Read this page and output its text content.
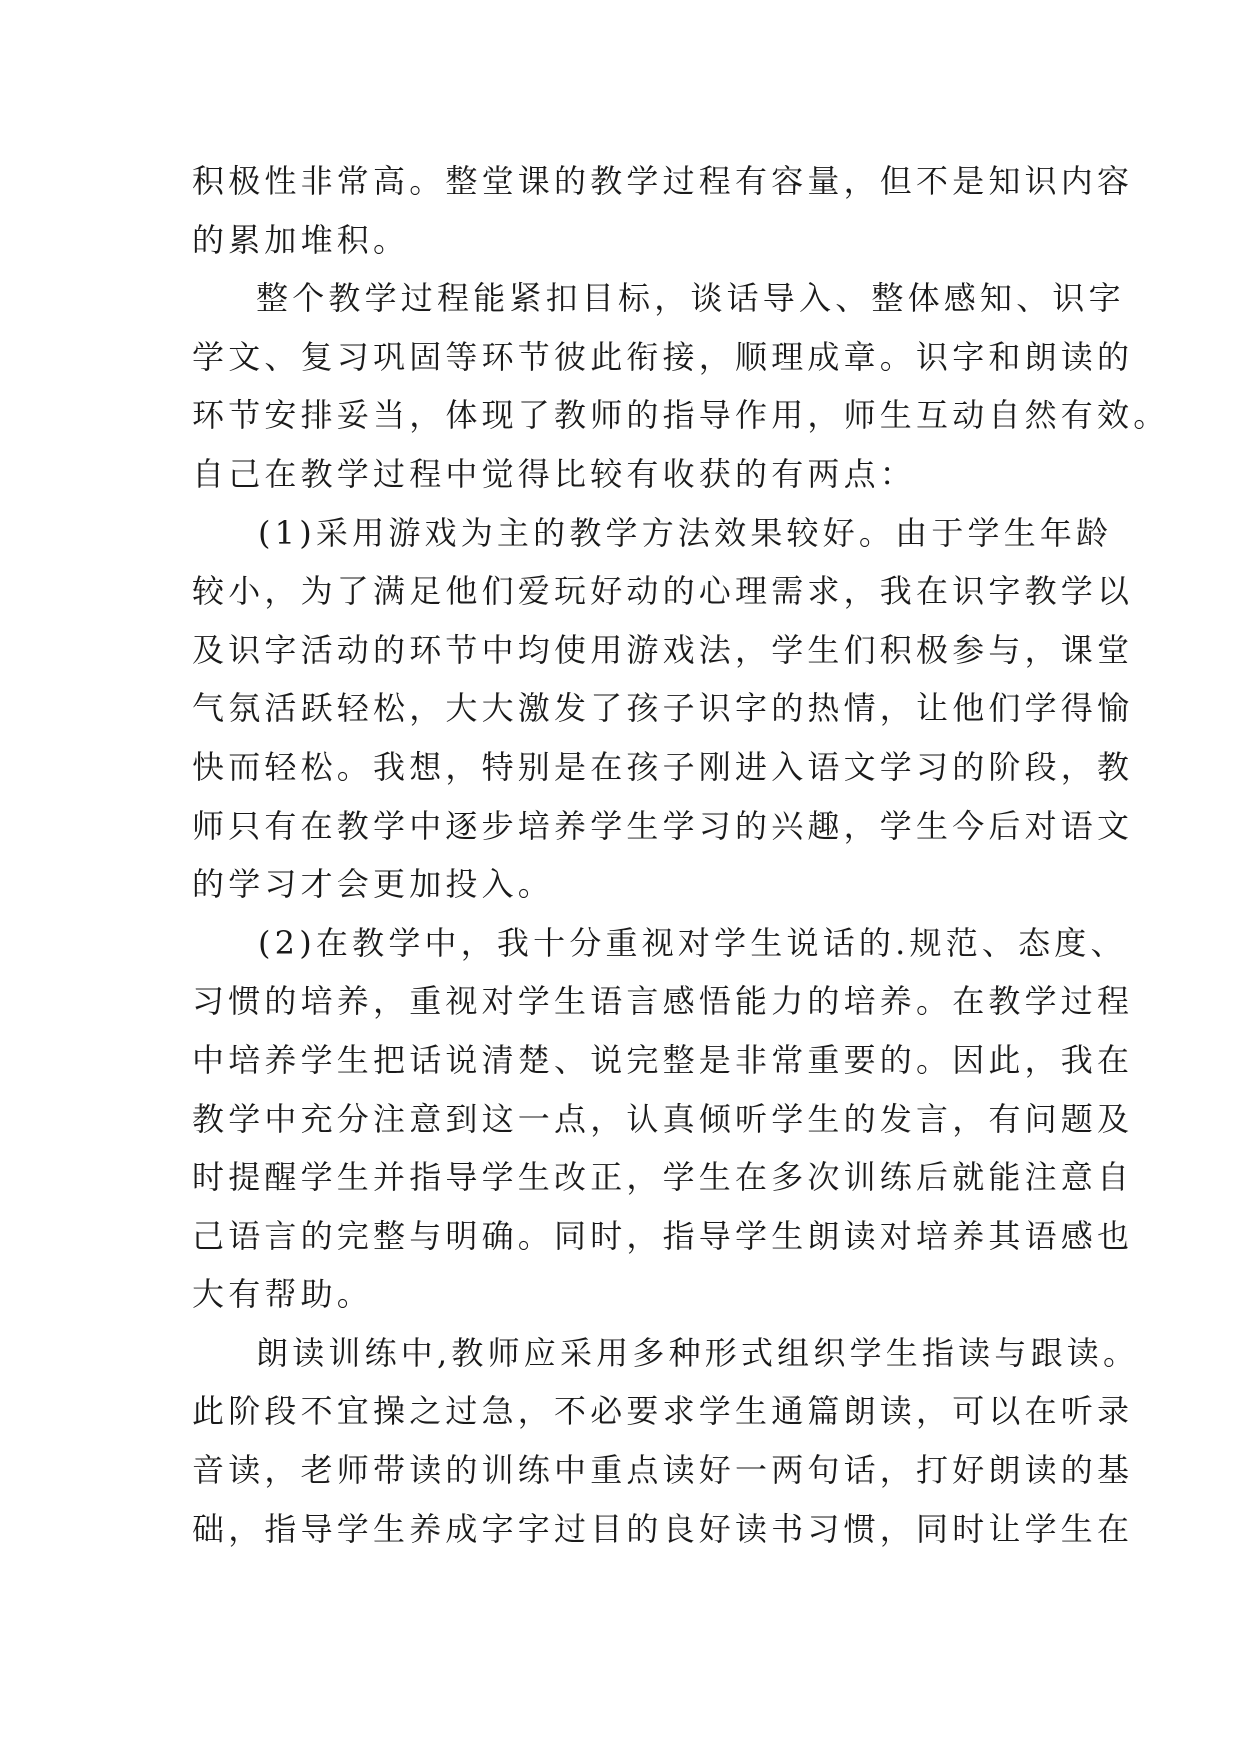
积极性非常高。整堂课的教学过程有容量，但不是知识内容
的累加堆积。
整个教学过程能紧扣目标，谈话导入、整体感知、识字
学文、复习巩固等环节彼此衔接，顺理成章。识字和朗读的
环节安排妥当，体现了教师的指导作用，师生互动自然有效。
自己在教学过程中觉得比较有收获的有两点：
(1)采用游戏为主的教学方法效果较好。由于学生年龄
较小，为了满足他们爱玩好动的心理需求，我在识字教学以
及识字活动的环节中均使用游戏法，学生们积极参与，课堂
气氛活跃轻松，大大激发了孩子识字的热情，让他们学得愉
快而轻松。我想，特别是在孩子刚进入语文学习的阶段，教
师只有在教学中逐步培养学生学习的兴趣，学生今后对语文
的学习才会更加投入。
(2)在教学中，我十分重视对学生说话的.规范、态度、
习惯的培养，重视对学生语言感悟能力的培养。在教学过程
中培养学生把话说清楚、说完整是非常重要的。因此，我在
教学中充分注意到这一点，认真倾听学生的发言，有问题及
时提醒学生并指导学生改正，学生在多次训练后就能注意自
己语言的完整与明确。同时，指导学生朗读对培养其语感也
大有帮助。
朗读训练中,教师应采用多种形式组织学生指读与跟读。
此阶段不宜操之过急，不必要求学生通篇朗读，可以在听录
音读，老师带读的训练中重点读好一两句话，打好朗读的基
础，指导学生养成字字过目的良好读书习惯，同时让学生在
